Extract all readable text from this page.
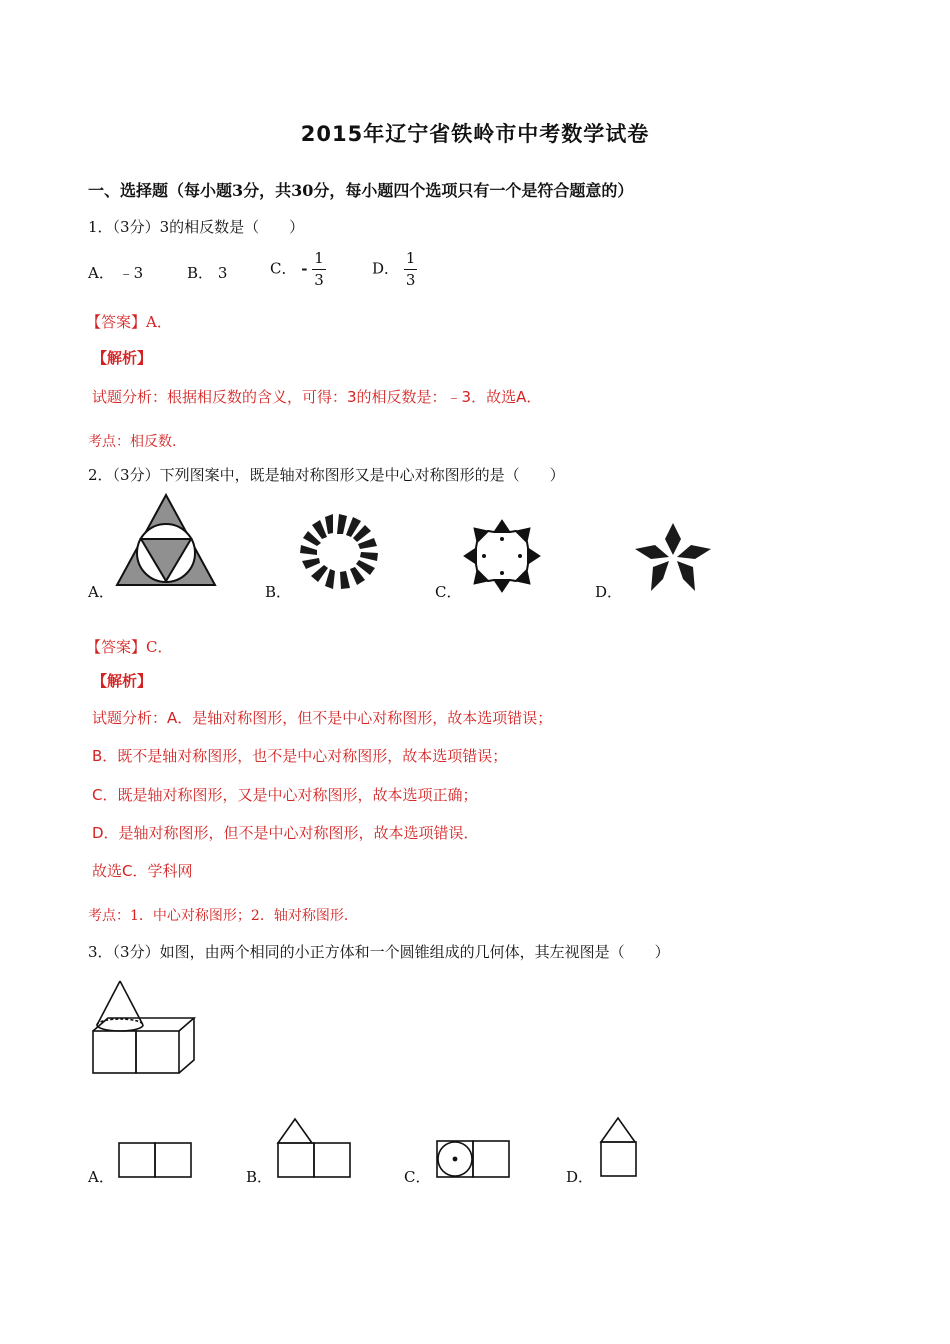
2015年辽宁省铁岭市中考数学试卷
一、选择题（每小题3分，共30分，每小题四个选项只有一个是符合题意的）
1．（3分）3的相反数是（　　）
A． ﹣3	B． 3	C． - $\frac{1}{3}$	D． $\frac{1}{3}$
【答案】A．
【解析】
试题分析：根据相反数的含义，可得：3的相反数是：﹣3．故选A．
考点：相反数．
2．（3分）下列图案中，既是轴对称图形又是中心对称图形的是（　　）
A．	B．	C．	D．
【答案】C．
【解析】
试题分析：A．是轴对称图形，但不是中心对称图形，故本选项错误；
B．既不是轴对称图形，也不是中心对称图形，故本选项错误；
C．既是轴对称图形，又是中心对称图形，故本选项正确；
D．是轴对称图形，但不是中心对称图形，故本选项错误．
故选C．学科网
考点：1．中心对称图形；2．轴对称图形．
3．（3分）如图，由两个相同的小正方体和一个圆锥组成的几何体，其左视图是（　　）
A．	B．	C．	D．
